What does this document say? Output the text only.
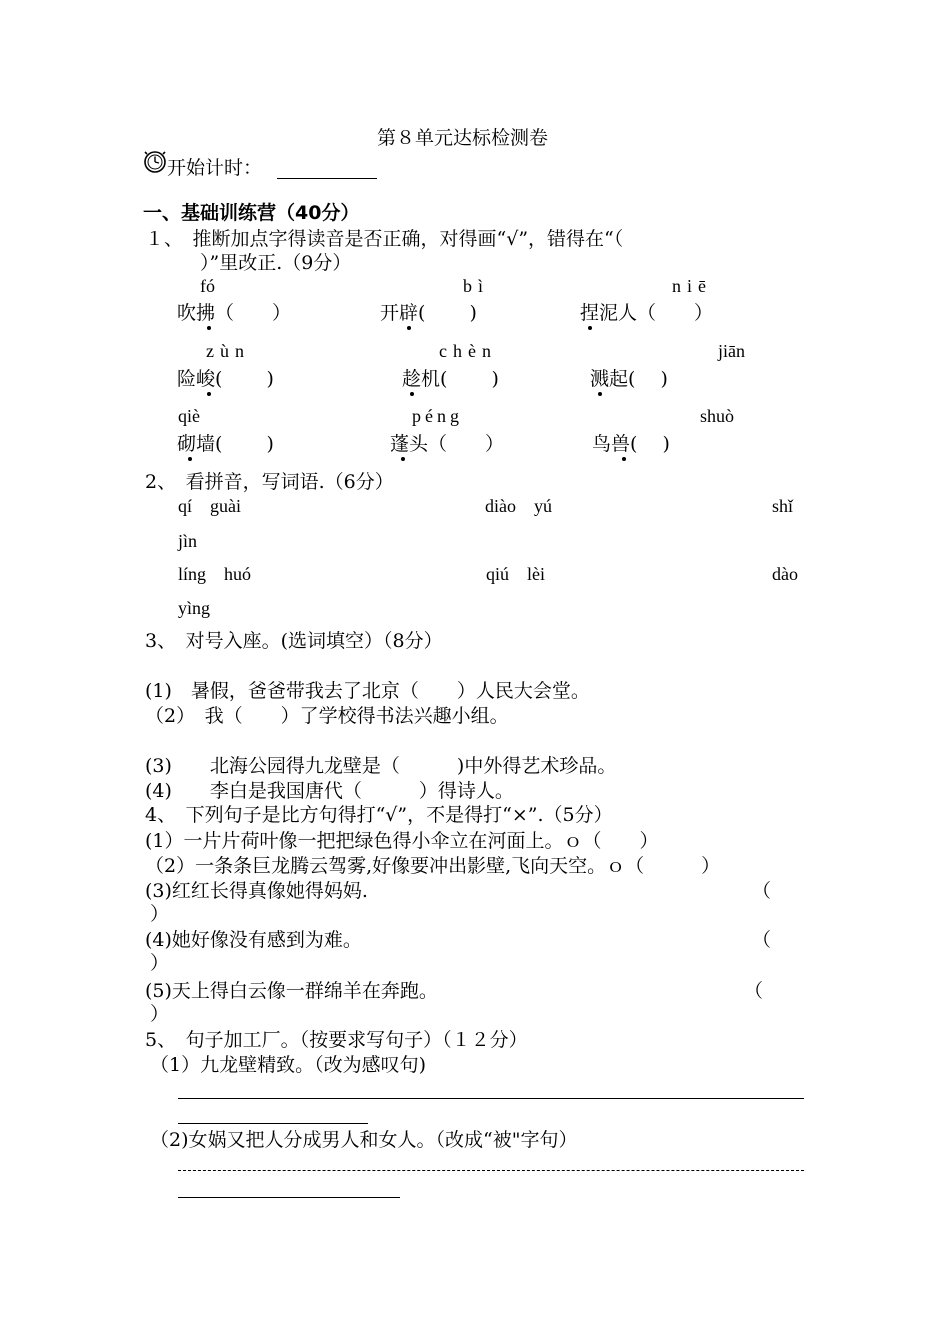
第８单元达标检测卷
开始计时：
一、基础训练营（40分）
１、　推断加点字得读音是否正确，对得画“√”，错得在“（
）”里改正.（9分）
fó	bì	niē
吹拂（　　）	开辟(　　 )	捏泥人（　　）
zùn	chèn	jiān
险峻(　　 )	趁机(　　 )	溅起(　 )
qiè	péng	shuò
砌墙(　　 )	蓬头（　　）	鸟兽(　 )
2、　看拼音，写词语.（6分）
qí　guài	diào　yú	shǐ
jìn
líng　huó	qiú　lèi	dào
yìng
3、　对号入座。(选词填空）（8分）
(1)　暑假，爸爸带我去了北京（　　）人民大会堂。
（2）　我（　　）了学校得书法兴趣小组。
(3)　　北海公园得九龙壁是（　　　)中外得艺术珍品。
(4)　　李白是我国唐代（　　　）得诗人。
4、　下列句子是比方句得打“√”，不是得打“×”.（5分）
(1）一片片荷叶像一把把绿色得小伞立在河面上。ｏ（　　）
（2）一条条巨龙腾云驾雾,好像要冲出影壁,飞向天空。ｏ（　　　）
(3)红红长得真像她得妈妈.	（
）
(4)她好像没有感到为难。	（
）
(5)天上得白云像一群绵羊在奔跑。	（
）
5、　句子加工厂。（按要求写句子）（１２分）
（1）九龙壁精致。（改为感叹句)
（2)女娲又把人分成男人和女人。（改成“被"字句）
